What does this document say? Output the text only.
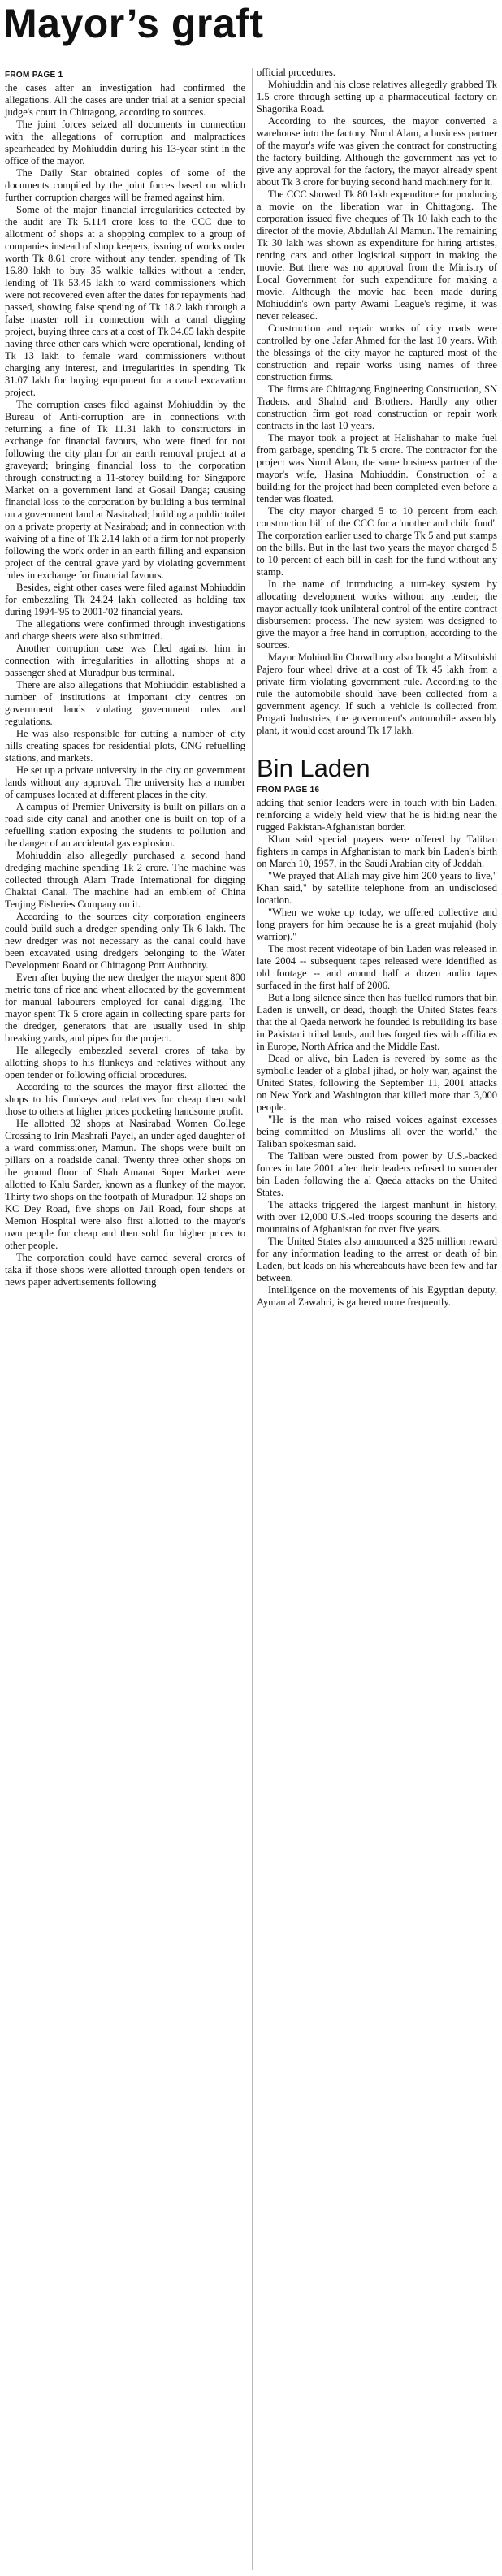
Mayor’s graft
FROM PAGE 1

the cases after an investigation had confirmed the allegations. All the cases are under trial at a senior special judge's court in Chittagong, according to sources.

The joint forces seized all documents in connection with the allegations of corruption and malpractices spearheaded by Mohiuddin during his 13-year stint in the office of the mayor.

The Daily Star obtained copies of some of the documents compiled by the joint forces based on which further corruption charges will be framed against him.

Some of the major financial irregularities detected by the audit are Tk 5.114 crore loss to the CCC due to allotment of shops at a shopping complex to a group of companies instead of shop keepers, issuing of works order worth Tk 8.61 crore without any tender, spending of Tk 16.80 lakh to buy 35 walkie talkies without a tender, lending of Tk 53.45 lakh to ward commissioners which were not recovered even after the dates for repayments had passed, showing false spending of Tk 18.2 lakh through a false master roll in connection with a canal digging project, buying three cars at a cost of Tk 34.65 lakh despite having three other cars which were operational, lending of Tk 13 lakh to female ward commissioners without charging any interest, and irregularities in spending Tk 31.07 lakh for buying equipment for a canal excavation project.

The corruption cases filed against Mohiuddin by the Bureau of Anti-corruption are in connections with returning a fine of Tk 11.31 lakh to constructors in exchange for financial favours, who were fined for not following the city plan for an earth removal project at a graveyard; bringing financial loss to the corporation through constructing a 11-storey building for Singapore Market on a government land at Gosail Danga; causing financial loss to the corporation by building a bus terminal on a government land at Nasirabad; building a public toilet on a private property at Nasirabad; and in connection with waiving of a fine of Tk 2.14 lakh of a firm for not properly following the work order in an earth filling and expansion project of the central grave yard by violating government rules in exchange for financial favours.

Besides, eight other cases were filed against Mohiuddin for embezzling Tk 24.24 lakh collected as holding tax during 1994-'95 to 2001-'02 financial years.

The allegations were confirmed through investigations and charge sheets were also submitted.

Another corruption case was filed against him in connection with irregularities in allotting shops at a passenger shed at Muradpur bus terminal.

There are also allegations that Mohiuddin established a number of institutions at important city centres on government lands violating government rules and regulations.

He was also responsible for cutting a number of city hills creating spaces for residential plots, CNG refuelling stations, and markets.

He set up a private university in the city on government lands without any approval. The university has a number of campuses located at different places in the city.

A campus of Premier University is built on pillars on a road side city canal and another one is built on top of a refuelling station exposing the students to pollution and the danger of an accidental gas explosion.

Mohiuddin also allegedly purchased a second hand dredging machine spending Tk 2 crore. The machine was collected through Alam Trade International for digging Chaktai Canal. The machine had an emblem of China Tenjing Fisheries Company on it.

According to the sources city corporation engineers could build such a dredger spending only Tk 6 lakh. The new dredger was not necessary as the canal could have been excavated using dredgers belonging to the Water Development Board or Chittagong Port Authority.

Even after buying the new dredger the mayor spent 800 metric tons of rice and wheat allocated by the government for manual labourers employed for canal digging. The mayor spent Tk 5 crore again in collecting spare parts for the dredger, generators that are usually used in ship breaking yards, and pipes for the project.

He allegedly embezzled several crores of taka by allotting shops to his flunkeys and relatives without any open tender or following official procedures.

According to the sources the mayor first allotted the shops to his flunkeys and relatives for cheap then sold those to others at higher prices pocketing handsome profit.

He allotted 32 shops at Nasirabad Women College Crossing to Irin Mashrafi Payel, an under aged daughter of a ward commissioner, Mamun. The shops were built on pillars on a roadside canal. Twenty three other shops on the ground floor of Shah Amanat Super Market were allotted to Kalu Sarder, known as a flunkey of the mayor. Thirty two shops on the footpath of Muradpur, 12 shops on KC Dey Road, five shops on Jail Road, four shops at Memon Hospital were also first allotted to the mayor's own people for cheap and then sold for higher prices to other people.

The corporation could have earned several crores of taka if those shops were allotted through open tenders or news paper advertisements following

official procedures.

Mohiuddin and his close relatives allegedly grabbed Tk 1.5 crore through setting up a pharmaceutical factory on Shagorika Road.

According to the sources, the mayor converted a warehouse into the factory. Nurul Alam, a business partner of the mayor's wife was given the contract for constructing the factory building. Although the government has yet to give any approval for the factory, the mayor already spent about Tk 3 crore for buying second hand machinery for it.

The CCC showed Tk 80 lakh expenditure for producing a movie on the liberation war in Chittagong. The corporation issued five cheques of Tk 10 lakh each to the director of the movie, Abdullah Al Mamun. The remaining Tk 30 lakh was shown as expenditure for hiring artistes, renting cars and other logistical support in making the movie. But there was no approval from the Ministry of Local Government for such expenditure for making a movie. Although the movie had been made during Mohiuddin's own party Awami League's regime, it was never released.

Construction and repair works of city roads were controlled by one Jafar Ahmed for the last 10 years. With the blessings of the city mayor he captured most of the construction and repair works using names of three construction firms.

The firms are Chittagong Engineering Construction, SN Traders, and Shahid and Brothers. Hardly any other construction firm got road construction or repair work contracts in the last 10 years.

The mayor took a project at Halishahar to make fuel from garbage, spending Tk 5 crore. The contractor for the project was Nurul Alam, the same business partner of the mayor's wife, Hasina Mohiuddin. Construction of a building for the project had been completed even before a tender was floated.

The city mayor charged 5 to 10 percent from each construction bill of the CCC for a 'mother and child fund'. The corporation earlier used to charge Tk 5 and put stamps on the bills. But in the last two years the mayor charged 5 to 10 percent of each bill in cash for the fund without any stamp.

In the name of introducing a turn-key system by allocating development works without any tender, the mayor actually took unilateral control of the entire contract disbursement process. The new system was designed to give the mayor a free hand in corruption, according to the sources.

Mayor Mohiuddin Chowdhury also bought a Mitsubishi Pajero four wheel drive at a cost of Tk 45 lakh from a private firm violating government rule. According to the rule the automobile should have been collected from a government agency. If such a vehicle is collected from Progati Industries, the government's automobile assembly plant, it would cost around Tk 17 lakh.

Bin Laden
FROM PAGE 16

adding that senior leaders were in touch with bin Laden, reinforcing a widely held view that he is hiding near the rugged Pakistan-Afghanistan border.

Khan said special prayers were offered by Taliban fighters in camps in Afghanistan to mark bin Laden's birth on March 10, 1957, in the Saudi Arabian city of Jeddah.

"We prayed that Allah may give him 200 years to live," Khan said," by satellite telephone from an undisclosed location.

"When we woke up today, we offered collective and long prayers for him because he is a great mujahid (holy warrior)."

The most recent videotape of bin Laden was released in late 2004 -- subsequent tapes released were identified as old footage -- and around half a dozen audio tapes surfaced in the first half of 2006.

But a long silence since then has fuelled rumors that bin Laden is unwell, or dead, though the United States fears that the al Qaeda network he founded is rebuilding its base in Pakistani tribal lands, and has forged ties with affiliates in Europe, North Africa and the Middle East.

Dead or alive, bin Laden is revered by some as the symbolic leader of a global jihad, or holy war, against the United States, following the September 11, 2001 attacks on New York and Washington that killed more than 3,000 people.

"He is the man who raised voices against excesses being committed on Muslims all over the world," the Taliban spokesman said.

The Taliban were ousted from power by U.S.-backed forces in late 2001 after their leaders refused to surrender bin Laden following the al Qaeda attacks on the United States.

The attacks triggered the largest manhunt in history, with over 12,000 U.S.-led troops scouring the deserts and mountains of Afghanistan for over five years.

The United States also announced a $25 million reward for any information leading to the arrest or death of bin Laden, but leads on his whereabouts have been few and far between.

Intelligence on the movements of his Egyptian deputy, Ayman al Zawahri, is gathered more frequently.
